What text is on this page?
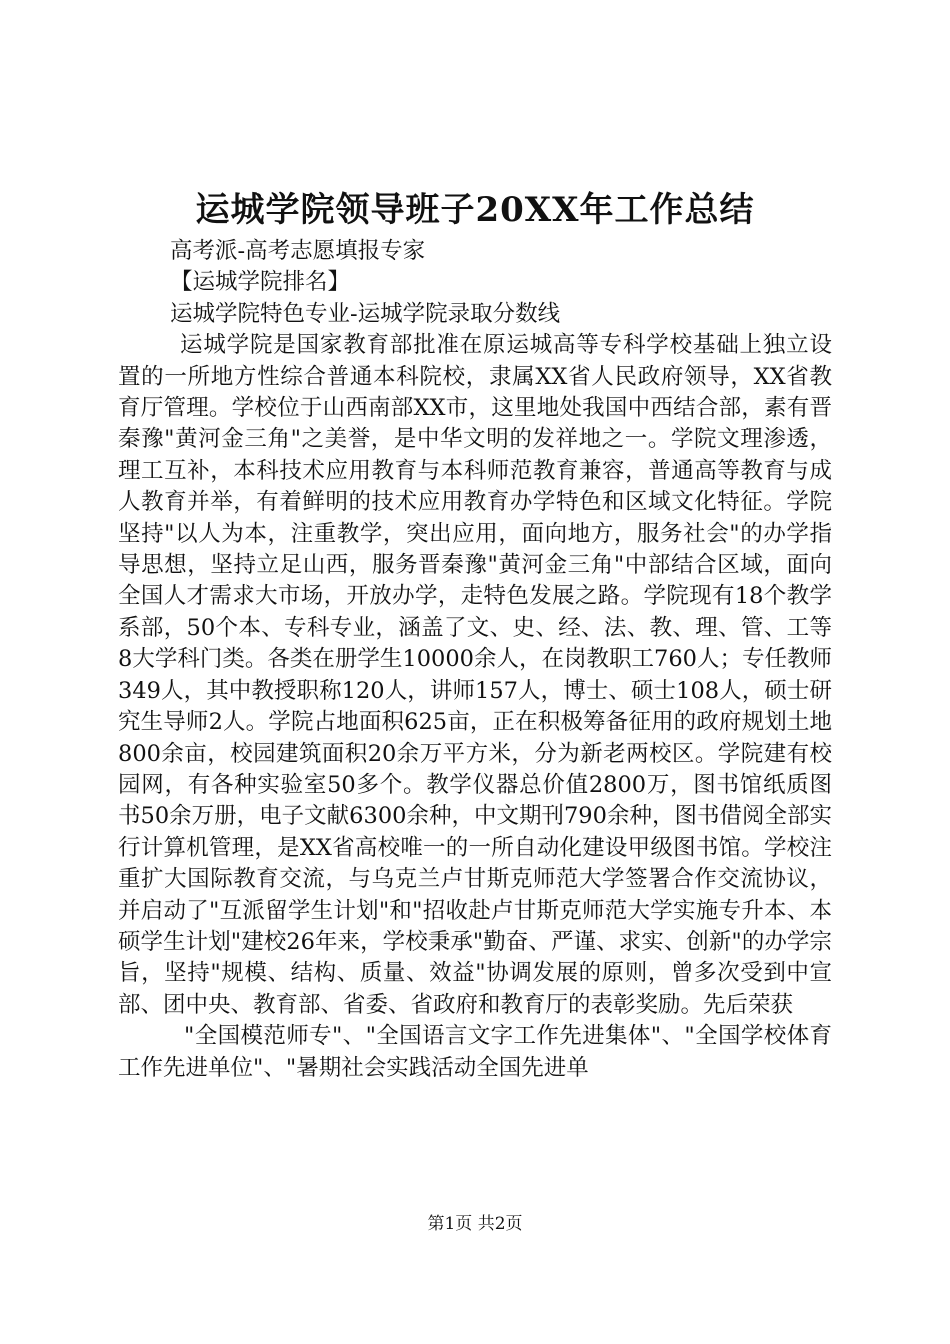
运城学院领导班子20XX年工作总结

高考派-高考志愿填报专家

【运城学院排名】

运城学院特色专业-运城学院录取分数线

运城学院是国家教育部批准在原运城高等专科学校基础上独立设置的一所地方性综合普通本科院校，隶属XX省人民政府领导，XX省教育厅管理。学校位于山西南部XX市，这里地处我国中西结合部，素有晋秦豫"黄河金三角"之美誉，是中华文明的发祥地之一。学院文理渗透，理工互补，本科技术应用教育与本科师范教育兼容，普通高等教育与成人教育并举，有着鲜明的技术应用教育办学特色和区域文化特征。学院坚持"以人为本，注重教学，突出应用，面向地方，服务社会"的办学指导思想，坚持立足山西，服务晋秦豫"黄河金三角"中部结合区域，面向全国人才需求大市场，开放办学，走特色发展之路。学院现有18个教学系部，50个本、专科专业，涵盖了文、史、经、法、教、理、管、工等8大学科门类。各类在册学生10000余人，在岗教职工760人；专任教师349人，其中教授职称120人，讲师157人，博士、硕士108人，硕士研究生导师2人。学院占地面积625亩，正在积极筹备征用的政府规划土地800余亩，校园建筑面积20余万平方米，分为新老两校区。学院建有校园网，有各种实验室50多个。教学仪器总价值2800万，图书馆纸质图书50余万册，电子文献6300余种，中文期刊790余种，图书借阅全部实行计算机管理，是XX省高校唯一的一所自动化建设甲级图书馆。学校注重扩大国际教育交流，与乌克兰卢甘斯克师范大学签署合作交流协议，并启动了"互派留学生计划"和"招收赴卢甘斯克师范大学实施专升本、本硕学生计划"建校26年来，学校秉承"勤奋、严谨、求实、创新"的办学宗旨，坚持"规模、结构、质量、效益"协调发展的原则，曾多次受到中宣部、团中央、教育部、省委、省政府和教育厅的表彰奖励。先后荣获

"全国模范师专"、"全国语言文字工作先进集体"、"全国学校体育工作先进单位"、"暑期社会实践活动全国先进单

第1页 共2页
